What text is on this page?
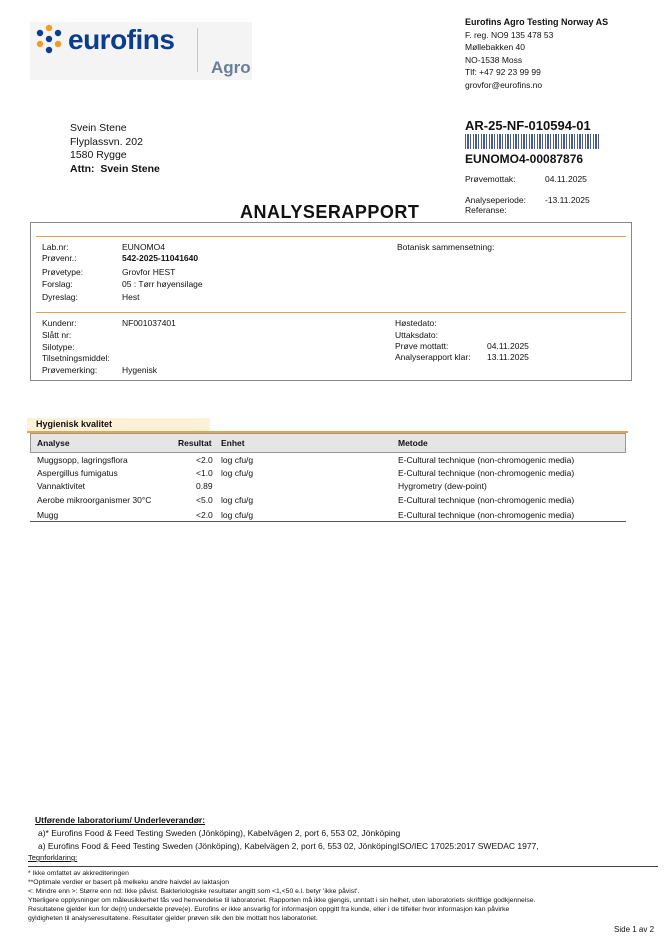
eurofins
Agro
Eurofins Agro Testing Norway AS
F. reg. NO9 135 478 53
Møllebakken 40
NO-1538 Moss
Tlf: +47 92 23 99 99
grovfor@eurofins.no
Svein Stene
Flyplassvn. 202
1580 Rygge
Attn: Svein Stene
AR-25-NF-010594-01
EUNOMO4-00087876
Prøvemottak:	04.11.2025
Analyseperiode: -13.11.2025
Referanse:
ANALYSERAPPORT
Lab.nr:	EUNOMO4
Prøvenr.:	542-2025-11041640
Prøvetype:	Grovfor HEST
Forslag:	05 : Tørr høyensilage
Dyreslag:	Hest
Botanisk sammensetning:
Kundenr:	NF001037401
Slått nr:
Silotype:
Tilsetningsmiddel:
Prøvemerking:	Hygenisk
Høstedato:
Uttaksdato:
Prøve mottatt:	04.11.2025
Analyserapport klar: 13.11.2025
Hygienisk kvalitet
Analyse	Resultat Enhet	Metode
Muggsopp, lagringsflora	<2.0 log cfu/g	E-Cultural technique (non-chromogenic media)
Aspergillus fumigatus	<1.0 log cfu/g	E-Cultural technique (non-chromogenic media)
Vannaktivitet	0.89	Hygrometry (dew-point)
Aerobe mikroorganismer 30°C	<5.0 log cfu/g	E-Cultural technique (non-chromogenic media)
Mugg	<2.0 log cfu/g	E-Cultural technique (non-chromogenic media)
Utførende laboratorium/ Underleverandør:
a)* Eurofins Food & Feed Testing Sweden (Jönköping), Kabelvägen 2, port 6, 553 02, Jönköping
a) Eurofins Food & Feed Testing Sweden (Jönköping), Kabelvägen 2, port 6, 553 02, JönköpingISO/IEC 17025:2017 SWEDAC 1977,
Tegnforklaring:
* Ikke omfattet av akkrediteringen
**Optimale verdier er basert på melkeku andre haivdel av laktasjon
<: Mindre enn >: Større enn nd: Ikke påvist. Bakteriologiske resultater angitt som <1,<50 e.l. betyr 'ikke påvist'.
Ytterligere opplysninger om måleusikkerhet fås ved henvendelse til laboratoriet. Rapporten må ikke gjengis, unntatt i sin helhet, uten laboratoriets skriftlige godkjennelse.
Resultatene gjelder kun for de(n) undersøkte prøve(e). Eurofins er ikke ansvarlig for informasjon oppgitt fra kunde, eller i de tilfeller hvor informasjon kan påvirke
gyldigheten til analyseresultatene. Resultater gjelder prøven slik den ble mottatt hos laboratoriet.
Side 1 av 2
